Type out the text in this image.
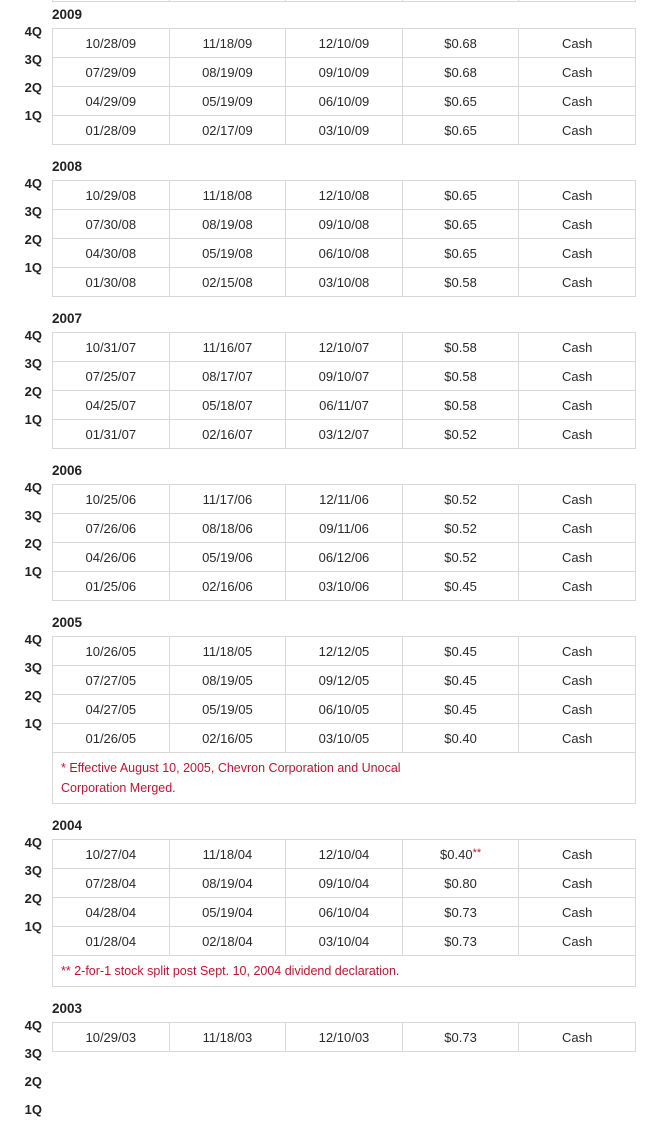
2009
4Q
3Q
2Q
1Q
10/28/09	11/18/09	12/10/09	$0.68	Cash
07/29/09	08/19/09	09/10/09	$0.68	Cash
04/29/09	05/19/09	06/10/09	$0.65	Cash
01/28/09	02/17/09	03/10/09	$0.65	Cash
2008
4Q
3Q
2Q
1Q
10/29/08	11/18/08	12/10/08	$0.65	Cash
07/30/08	08/19/08	09/10/08	$0.65	Cash
04/30/08	05/19/08	06/10/08	$0.65	Cash
01/30/08	02/15/08	03/10/08	$0.58	Cash
2007
4Q
3Q
2Q
1Q
10/31/07	11/16/07	12/10/07	$0.58	Cash
07/25/07	08/17/07	09/10/07	$0.58	Cash
04/25/07	05/18/07	06/11/07	$0.58	Cash
01/31/07	02/16/07	03/12/07	$0.52	Cash
2006
4Q
3Q
2Q
1Q
10/25/06	11/17/06	12/11/06	$0.52	Cash
07/26/06	08/18/06	09/11/06	$0.52	Cash
04/26/06	05/19/06	06/12/06	$0.52	Cash
01/25/06	02/16/06	03/10/06	$0.45	Cash
2005
4Q
3Q
2Q
1Q
10/26/05	11/18/05	12/12/05	$0.45	Cash
07/27/05	08/19/05	09/12/05	$0.45	Cash
04/27/05	05/19/05	06/10/05	$0.45	Cash
01/26/05	02/16/05	03/10/05	$0.40	Cash
* Effective August 10, 2005, Chevron Corporation and Unocal Corporation Merged.
2004
4Q
3Q
2Q
1Q
10/27/04	11/18/04	12/10/04	$0.40**	Cash
07/28/04	08/19/04	09/10/04	$0.80	Cash
04/28/04	05/19/04	06/10/04	$0.73	Cash
01/28/04	02/18/04	03/10/04	$0.73	Cash
** 2-for-1 stock split post Sept. 10, 2004 dividend declaration.
2003
4Q
3Q
2Q
1Q
10/29/03	11/18/03	12/10/03	$0.73	Cash
